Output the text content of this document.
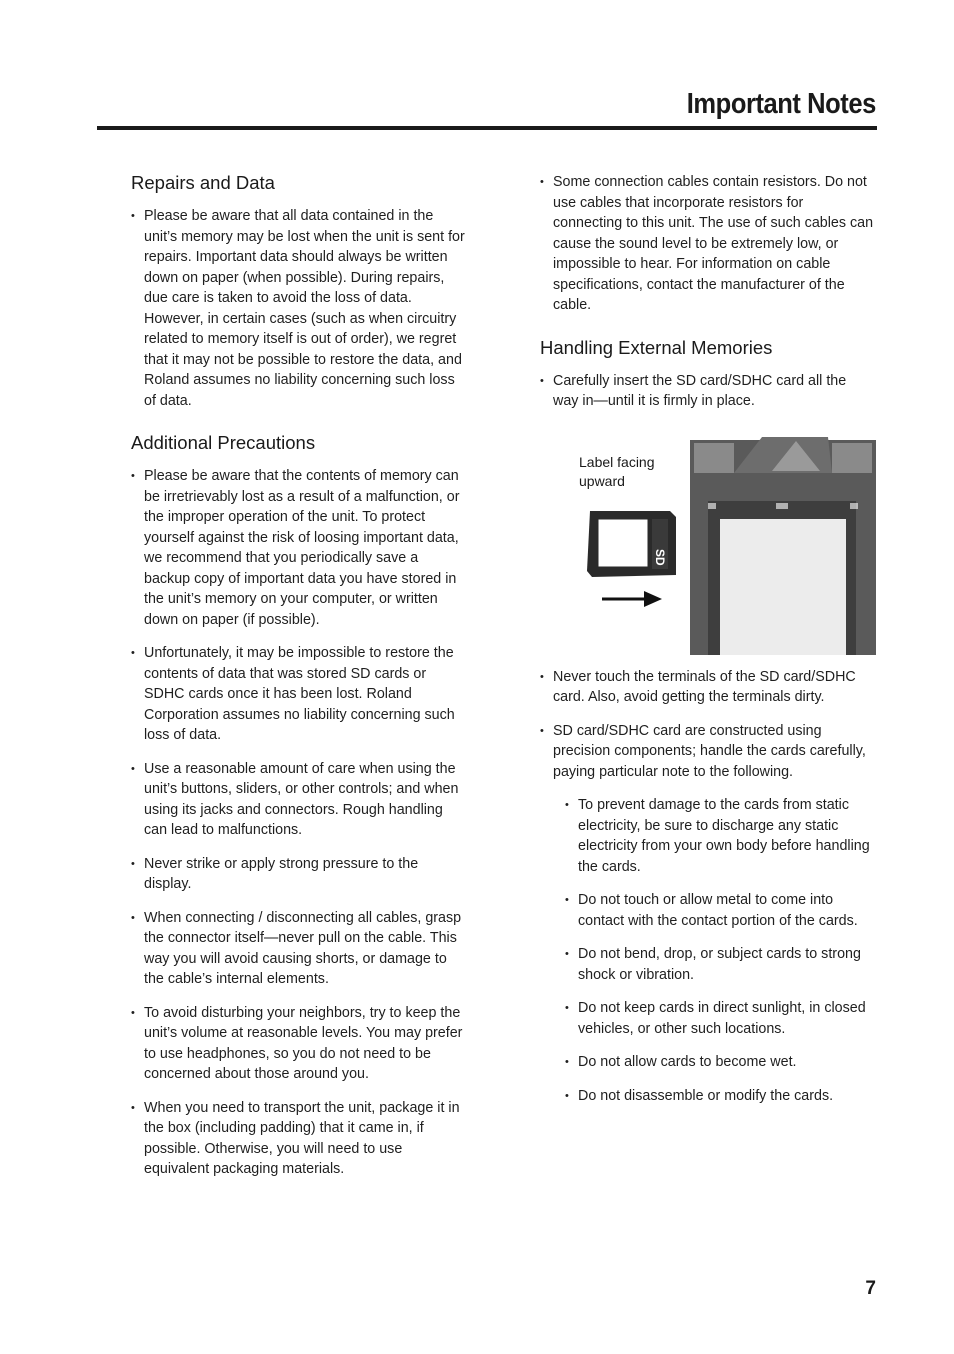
Important Notes
Repairs and Data
• Please be aware that all data contained in the unit’s memory may be lost when the unit is sent for repairs. Important data should always be written down on paper (when possible). During repairs, due care is taken to avoid the loss of data. However, in certain cases (such as when circuitry related to memory itself is out of order), we regret that it may not be possible to restore the data, and Roland assumes no liability concerning such loss of data.
Additional Precautions
• Please be aware that the contents of memory can be irretrievably lost as a result of a malfunction, or the improper operation of the unit. To protect yourself against the risk of loosing important data, we recommend that you periodically save a backup copy of important data you have stored in the unit’s memory on your computer, or written down on paper (if possible).
• Unfortunately, it may be impossible to restore the contents of data that was stored SD cards or SDHC cards once it has been lost. Roland Corporation assumes no liability concerning such loss of data.
• Use a reasonable amount of care when using the unit’s buttons, sliders, or other controls; and when using its jacks and connectors. Rough handling can lead to malfunctions.
• Never strike or apply strong pressure to the display.
• When connecting / disconnecting all cables, grasp the connector itself—never pull on the cable. This way you will avoid causing shorts, or damage to the cable’s internal elements.
• To avoid disturbing your neighbors, try to keep the unit’s volume at reasonable levels. You may prefer to use headphones, so you do not need to be concerned about those around you.
• When you need to transport the unit, package it in the box (including padding) that it came in, if possible. Otherwise, you will need to use equivalent packaging materials.
• Some connection cables contain resistors. Do not use cables that incorporate resistors for connecting to this unit. The use of such cables can cause the sound level to be extremely low, or impossible to hear. For information on cable specifications, contact the manufacturer of the cable.
Handling External Memories
• Carefully insert the SD card/SDHC card all the way in—until it is firmly in place.
Label facing
upward
SD
• Never touch the terminals of the SD card/SDHC card. Also, avoid getting the terminals dirty.
• SD card/SDHC card are constructed using precision components; handle the cards carefully, paying particular note to the following.
• To prevent damage to the cards from static electricity, be sure to discharge any static electricity from your own body before handling the cards.
• Do not touch or allow metal to come into contact with the contact portion of the cards.
• Do not bend, drop, or subject cards to strong shock or vibration.
• Do not keep cards in direct sunlight, in closed vehicles, or other such locations.
• Do not allow cards to become wet.
• Do not disassemble or modify the cards.
7
